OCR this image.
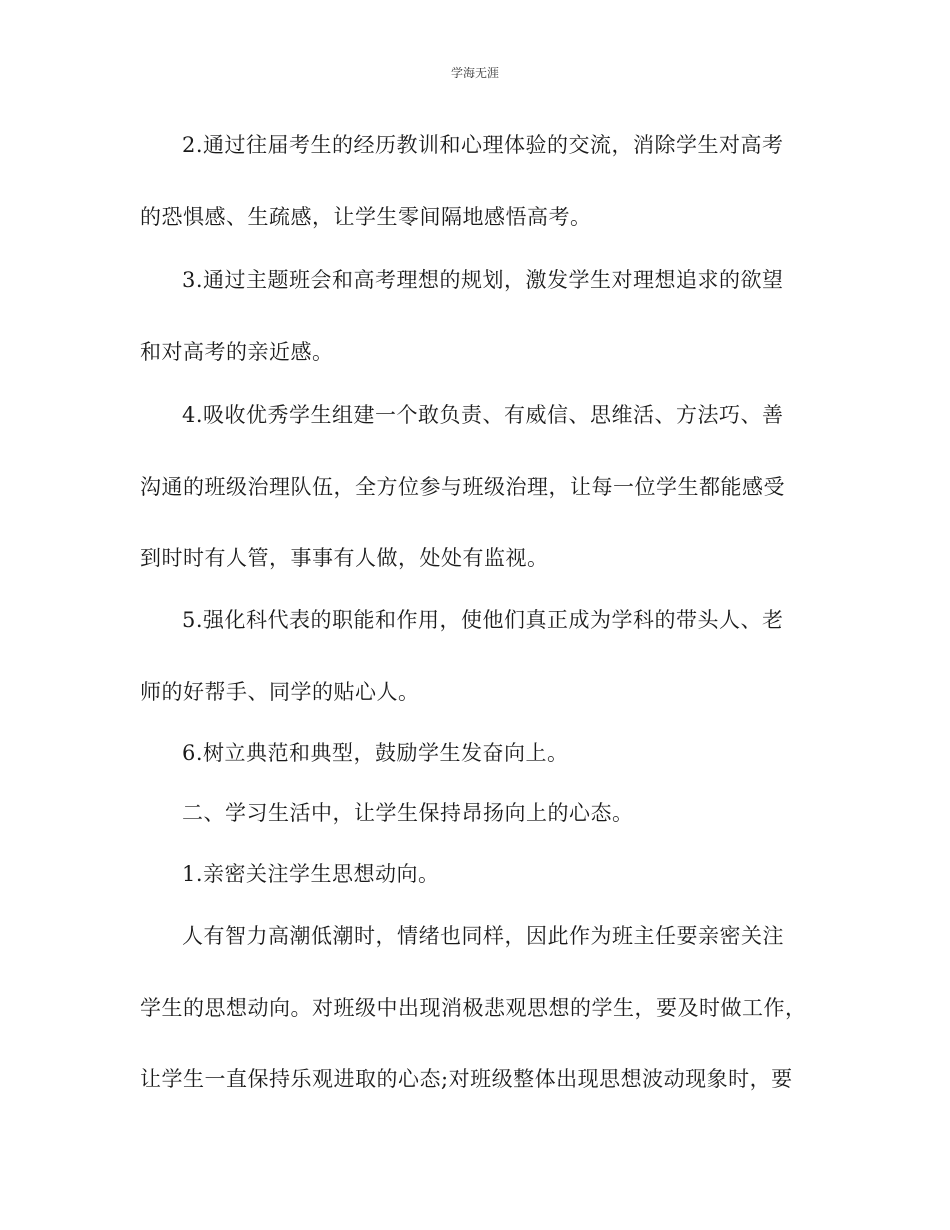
学海无涯
2.通过往届考生的经历教训和心理体验的交流，消除学生对高考
的恐惧感、生疏感，让学生零间隔地感悟高考。
3.通过主题班会和高考理想的规划，激发学生对理想追求的欲望
和对高考的亲近感。
4.吸收优秀学生组建一个敢负责、有威信、思维活、方法巧、善
沟通的班级治理队伍，全方位参与班级治理，让每一位学生都能感受
到时时有人管，事事有人做，处处有监视。
5.强化科代表的职能和作用，使他们真正成为学科的带头人、老
师的好帮手、同学的贴心人。
6.树立典范和典型，鼓励学生发奋向上。
二、学习生活中，让学生保持昂扬向上的心态。
1.亲密关注学生思想动向。
人有智力高潮低潮时，情绪也同样，因此作为班主任要亲密关注
学生的思想动向。对班级中出现消极悲观思想的学生，要及时做工作，
让学生一直保持乐观进取的心态;对班级整体出现思想波动现象时，要
